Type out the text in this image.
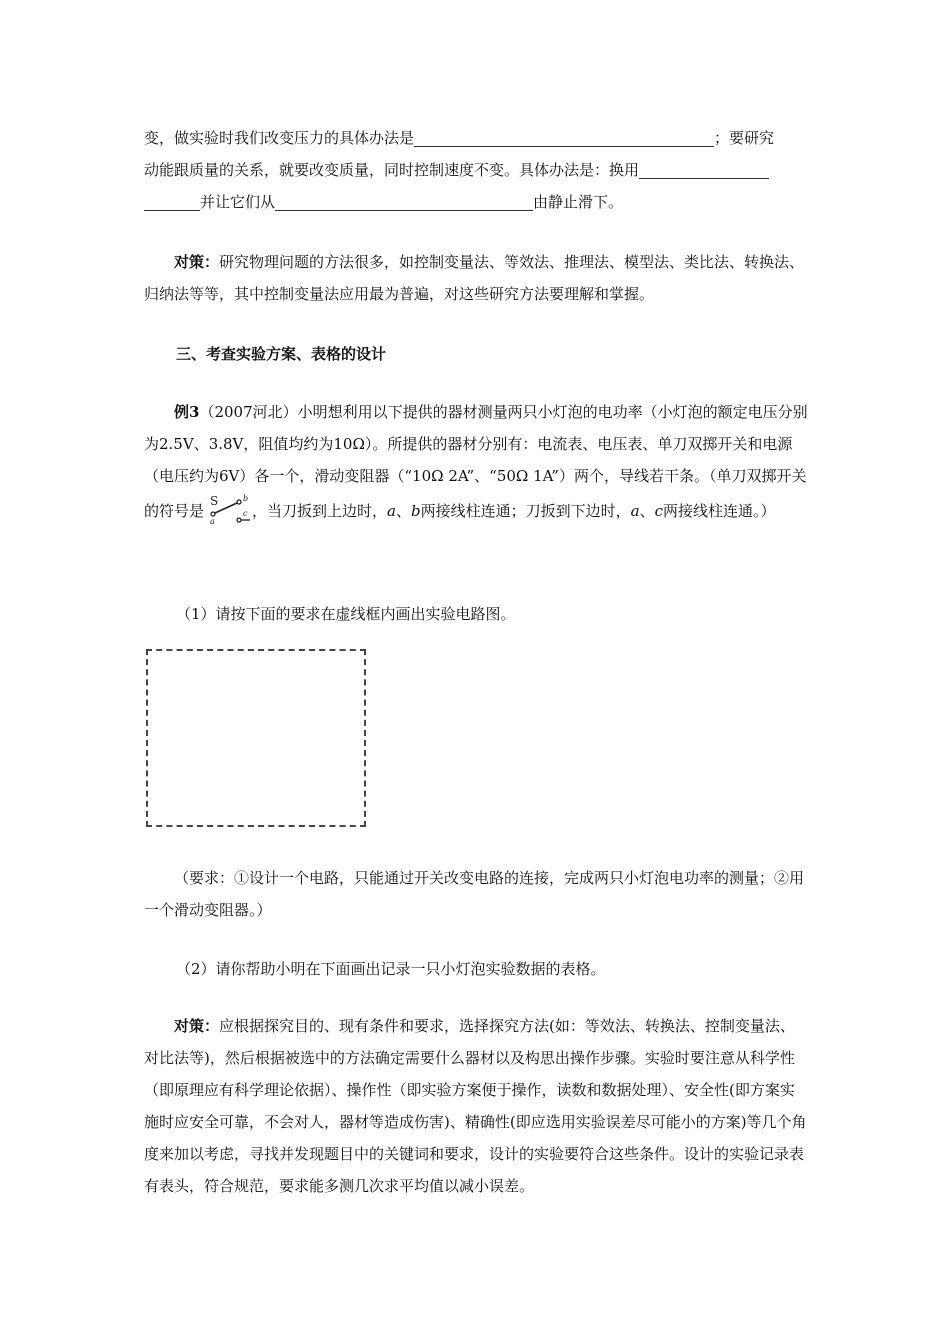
变，做实验时我们改变压力的具体办法是	；要研究

动能跟质量的关系，就要改变质量，同时控制速度不变。具体办法是：换用

并让它们从	由静止滑下。

对策：研究物理问题的方法很多，如控制变量法、等效法、推理法、模型法、类比法、转换法、归纳法等等，其中控制变量法应用最为普遍，对这些研究方法要理解和掌握。

三、考查实验方案、表格的设计

例3（2007河北）小明想利用以下提供的器材测量两只小灯泡的电功率（小灯泡的额定电压分别为2.5V、3.8V，阻值均约为10Ω）。所提供的器材分别有：电流表、电压表、单刀双掷开关和电源（电压约为6V）各一个，滑动变阻器（“10Ω 2A”、“50Ω 1A”）两个，导线若干条。（单刀双掷开关的符号是
S
a
b
c ，当刀扳到上边时，a、b两接线柱连通；刀扳到下边时，a、c两接线柱连通。）

（1）请按下面的要求在虚线框内画出实验电路图。

（要求：①设计一个电路，只能通过开关改变电路的连接，完成两只小灯泡电功率的测量；②用一个滑动变阻器。）

（2）请你帮助小明在下面画出记录一只小灯泡实验数据的表格。

对策：应根据探究目的、现有条件和要求，选择探究方法(如：等效法、转换法、控制变量法、对比法等)，然后根据被选中的方法确定需要什么器材以及构思出操作步骤。实验时要注意从科学性（即原理应有科学理论依据）、操作性（即实验方案便于操作，读数和数据处理）、安全性(即方案实施时应安全可靠，不会对人，器材等造成伤害)、精确性(即应选用实验误差尽可能小的方案)等几个角度来加以考虑，寻找并发现题目中的关键词和要求，设计的实验要符合这些条件。设计的实验记录表有表头，符合规范，要求能多测几次求平均值以减小误差。
